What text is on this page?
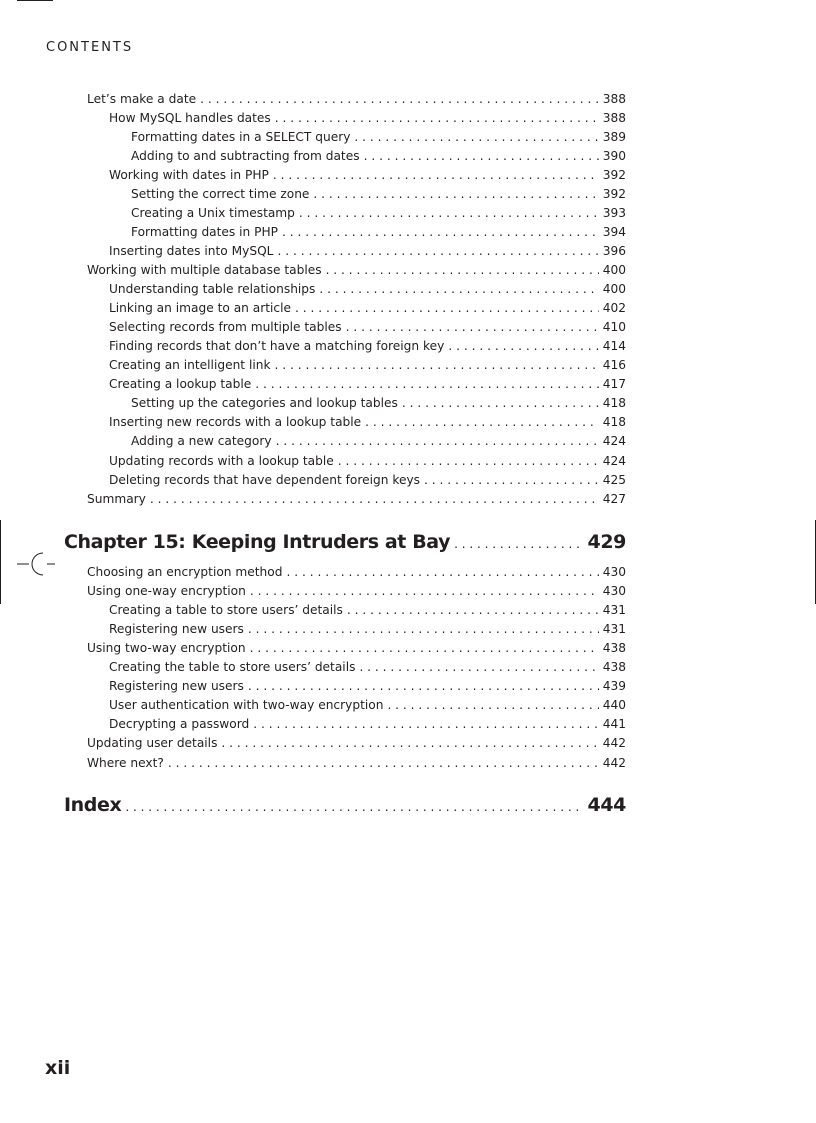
CONTENTS
Let’s make a date . . .	388
How MySQL handles dates . . .	388
Formatting dates in a SELECT query . . .	389
Adding to and subtracting from dates . . .	390
Working with dates in PHP . . .	392
Setting the correct time zone . . .	392
Creating a Unix timestamp . . .	393
Formatting dates in PHP . . .	394
Inserting dates into MySQL . . .	396
Working with multiple database tables . . .	400
Understanding table relationships . . .	400
Linking an image to an article . . .	402
Selecting records from multiple tables . . .	410
Finding records that don’t have a matching foreign key . . .	414
Creating an intelligent link . . .	416
Creating a lookup table . . .	417
Setting up the categories and lookup tables . . .	418
Inserting new records with a lookup table . . .	418
Adding a new category . . .	424
Updating records with a lookup table . . .	424
Deleting records that have dependent foreign keys . . .	425
Summary . . .	427
Chapter 15: Keeping Intruders at Bay . . .	429
Choosing an encryption method . . .	430
Using one-way encryption . . .	430
Creating a table to store users’ details . . .	431
Registering new users . . .	431
Using two-way encryption . . .	438
Creating the table to store users’ details . . .	438
Registering new users . . .	439
User authentication with two-way encryption . . .	440
Decrypting a password . . .	441
Updating user details . . .	442
Where next? . . .	442
Index . . .	444
xii
